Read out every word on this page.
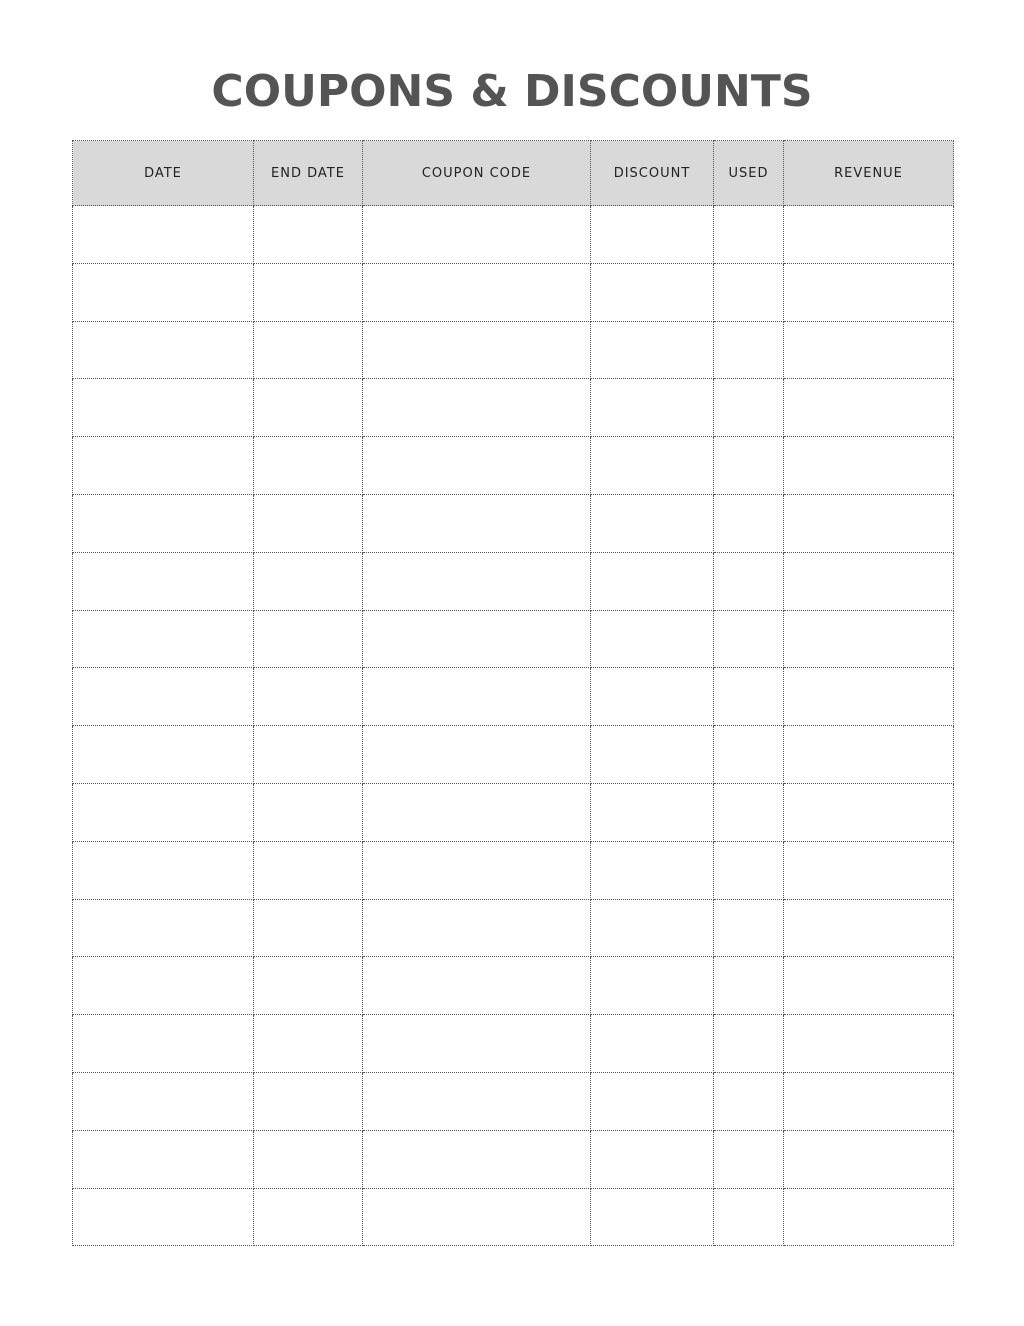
COUPONS & DISCOUNTS
DATE	END DATE	COUPON CODE	DISCOUNT	USED	REVENUE
